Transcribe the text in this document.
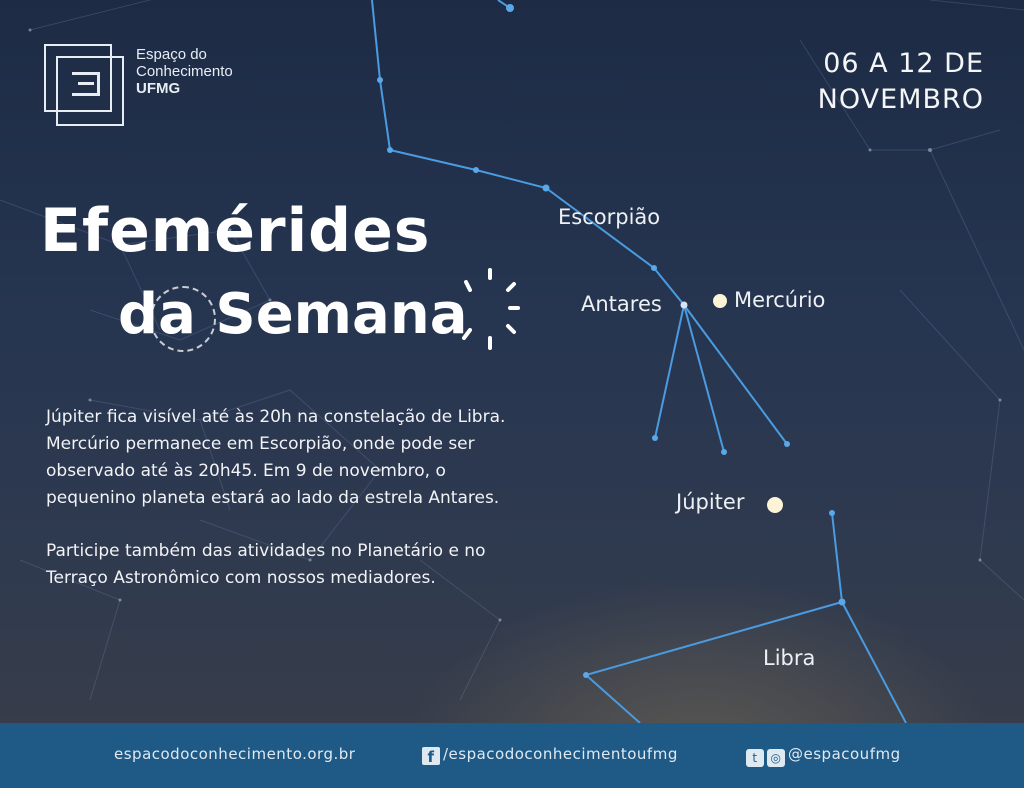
Espaço do
Conhecimento
UFMG
06 A 12 DE
NOVEMBRO
Efemérides
da Semana

Júpiter fica visível até às 20h na constelação de Libra. Mercúrio permanece em Escorpião, onde pode ser observado até às 20h45. Em 9 de novembro, o pequenino planeta estará ao lado da estrela Antares.

Participe também das atividades no Planetário e no Terraço Astronômico com nossos mediadores.

Escorpião
Antares	Mercúrio
Júpiter
Libra
espacodoconhecimento.org.br	f /espacodoconhecimentoufmg	t ◎ @espacoufmg
